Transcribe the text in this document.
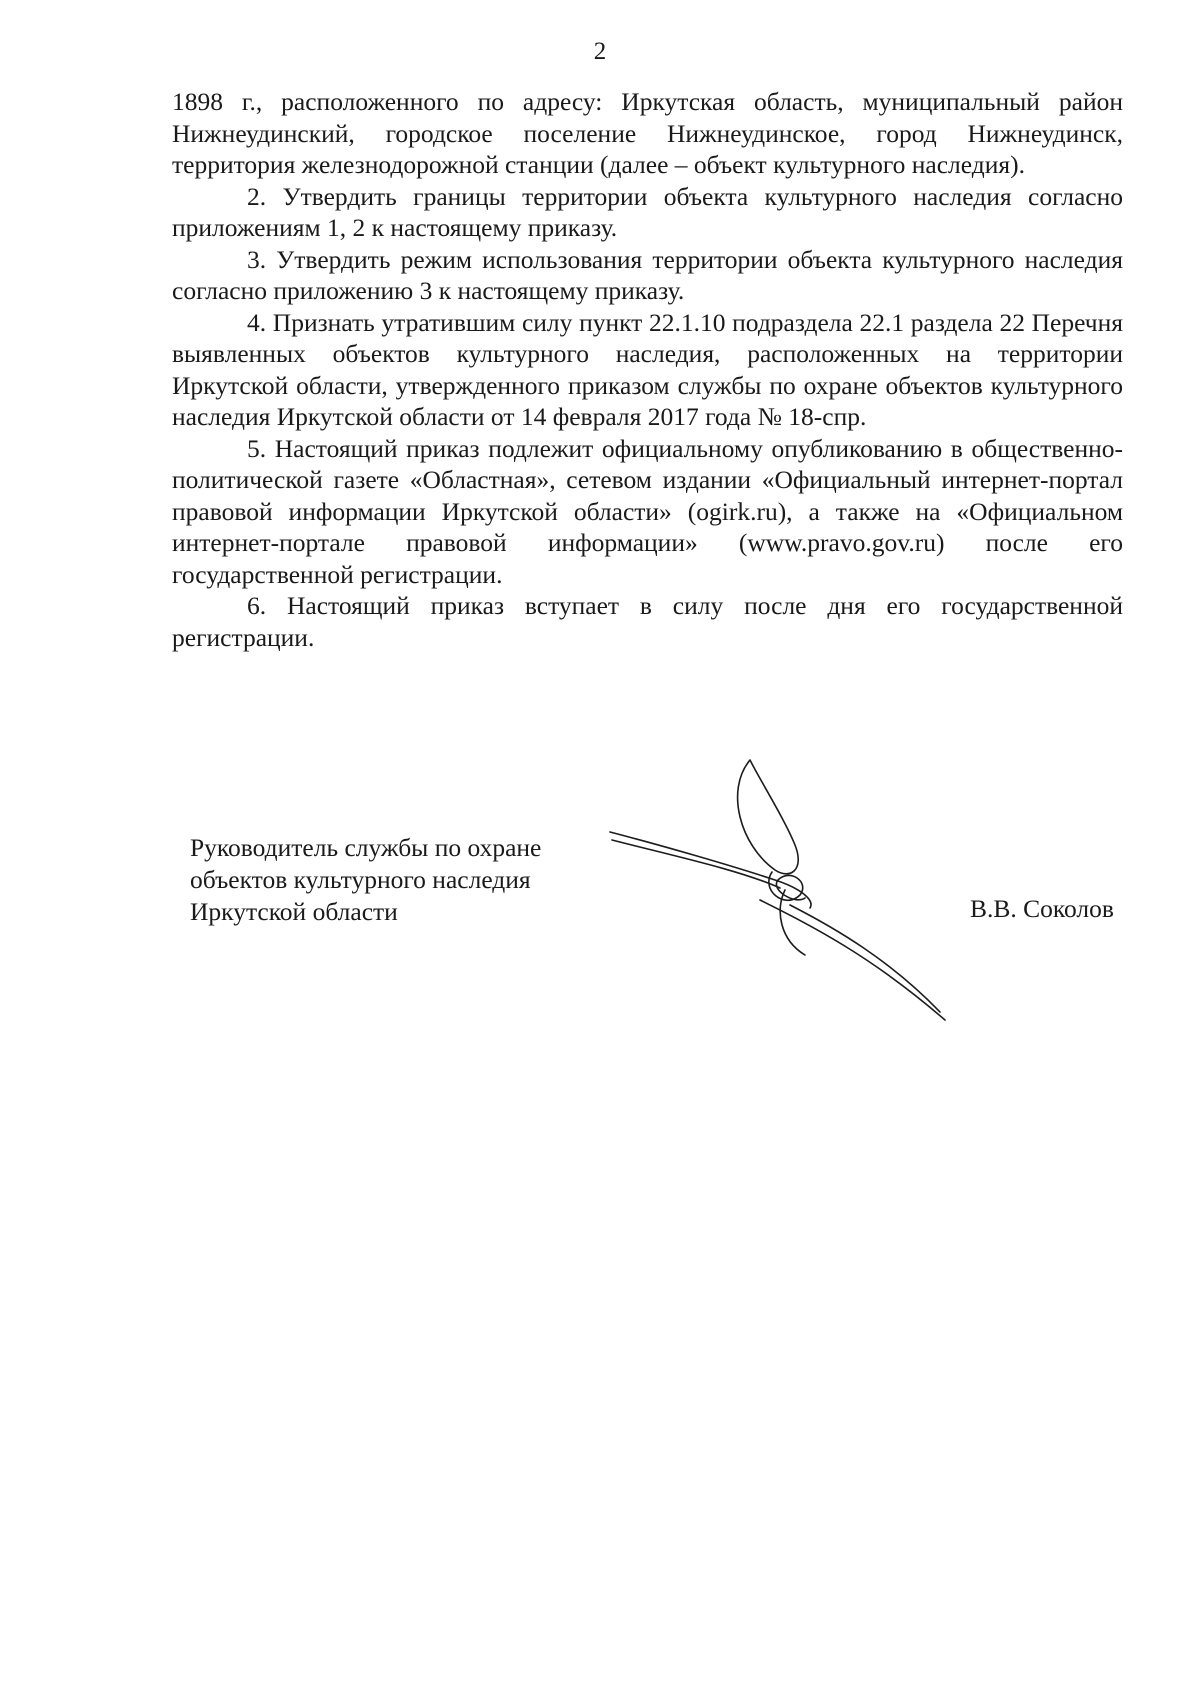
2

1898 г., расположенного по адресу: Иркутская область, муниципальный район Нижнеудинский, городское поселение Нижнеудинское, город Нижнеудинск, территория железнодорожной станции (далее – объект культурного наследия).

2. Утвердить границы территории объекта культурного наследия согласно приложениям 1, 2 к настоящему приказу.

3. Утвердить режим использования территории объекта культурного наследия согласно приложению 3 к настоящему приказу.

4. Признать утратившим силу пункт 22.1.10 подраздела 22.1 раздела 22 Перечня выявленных объектов культурного наследия, расположенных на территории Иркутской области, утвержденного приказом службы по охране объектов культурного наследия Иркутской области от 14 февраля 2017 года № 18-спр.

5. Настоящий приказ подлежит официальному опубликованию в общественно-политической газете «Областная», сетевом издании «Официальный интернет-портал правовой информации Иркутской области» (ogirk.ru), а также на «Официальном интернет-портале правовой информации» (www.pravo.gov.ru) после его государственной регистрации.

6. Настоящий приказ вступает в силу после дня его государственной регистрации.

Руководитель службы по охране
объектов культурного наследия
Иркутской области	В.В. Соколов
